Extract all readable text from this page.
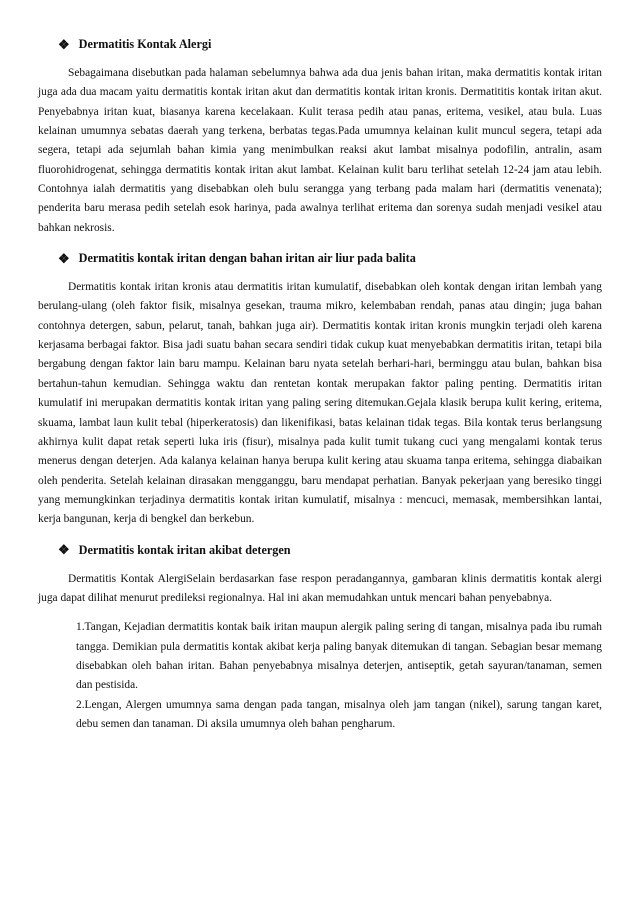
❖ Dermatitis Kontak Alergi

Sebagaimana disebutkan pada halaman sebelumnya bahwa ada dua jenis bahan iritan, maka dermatitis kontak iritan juga ada dua macam yaitu dermatitis kontak iritan akut dan dermatitis kontak iritan kronis. Dermatititis kontak iritan akut. Penyebabnya iritan kuat, biasanya karena kecelakaan. Kulit terasa pedih atau panas, eritema, vesikel, atau bula. Luas kelainan umumnya sebatas daerah yang terkena, berbatas tegas.Pada umumnya kelainan kulit muncul segera, tetapi ada segera, tetapi ada sejumlah bahan kimia yang menimbulkan reaksi akut lambat misalnya podofilin, antralin, asam fluorohidrogenat, sehingga dermatitis kontak iritan akut lambat. Kelainan kulit baru terlihat setelah 12-24 jam atau lebih. Contohnya ialah dermatitis yang disebabkan oleh bulu serangga yang terbang pada malam hari (dermatitis venenata); penderita baru merasa pedih setelah esok harinya, pada awalnya terlihat eritema dan sorenya sudah menjadi vesikel atau bahkan nekrosis.

❖ Dermatitis kontak iritan dengan bahan iritan air liur pada balita

Dermatitis kontak iritan kronis atau dermatitis iritan kumulatif, disebabkan oleh kontak dengan iritan lembah yang berulang-ulang (oleh faktor fisik, misalnya gesekan, trauma mikro, kelembaban rendah, panas atau dingin; juga bahan contohnya detergen, sabun, pelarut, tanah, bahkan juga air). Dermatitis kontak iritan kronis mungkin terjadi oleh karena kerjasama berbagai faktor. Bisa jadi suatu bahan secara sendiri tidak cukup kuat menyebabkan dermatitis iritan, tetapi bila bergabung dengan faktor lain baru mampu. Kelainan baru nyata setelah berhari-hari, berminggu atau bulan, bahkan bisa bertahun-tahun kemudian. Sehingga waktu dan rentetan kontak merupakan faktor paling penting. Dermatitis iritan kumulatif ini merupakan dermatitis kontak iritan yang paling sering ditemukan.Gejala klasik berupa kulit kering, eritema, skuama, lambat laun kulit tebal (hiperkeratosis) dan likenifikasi, batas kelainan tidak tegas. Bila kontak terus berlangsung akhirnya kulit dapat retak seperti luka iris (fisur), misalnya pada kulit tumit tukang cuci yang mengalami kontak terus menerus dengan deterjen. Ada kalanya kelainan hanya berupa kulit kering atau skuama tanpa eritema, sehingga diabaikan oleh penderita. Setelah kelainan dirasakan mengganggu, baru mendapat perhatian. Banyak pekerjaan yang beresiko tinggi yang memungkinkan terjadinya dermatitis kontak iritan kumulatif, misalnya : mencuci, memasak, membersihkan lantai, kerja bangunan, kerja di bengkel dan berkebun.

❖ Dermatitis kontak iritan akibat detergen

Dermatitis Kontak AlergiSelain berdasarkan fase respon peradangannya, gambaran klinis dermatitis kontak alergi juga dapat dilihat menurut predileksi regionalnya. Hal ini akan memudahkan untuk mencari bahan penyebabnya.

1.Tangan, Kejadian dermatitis kontak baik iritan maupun alergik paling sering di tangan, misalnya pada ibu rumah tangga. Demikian pula dermatitis kontak akibat kerja paling banyak ditemukan di tangan. Sebagian besar memang disebabkan oleh bahan iritan. Bahan penyebabnya misalnya deterjen, antiseptik, getah sayuran/tanaman, semen dan pestisida.

2.Lengan, Alergen umumnya sama dengan pada tangan, misalnya oleh jam tangan (nikel), sarung tangan karet, debu semen dan tanaman. Di aksila umumnya oleh bahan pengharum.
